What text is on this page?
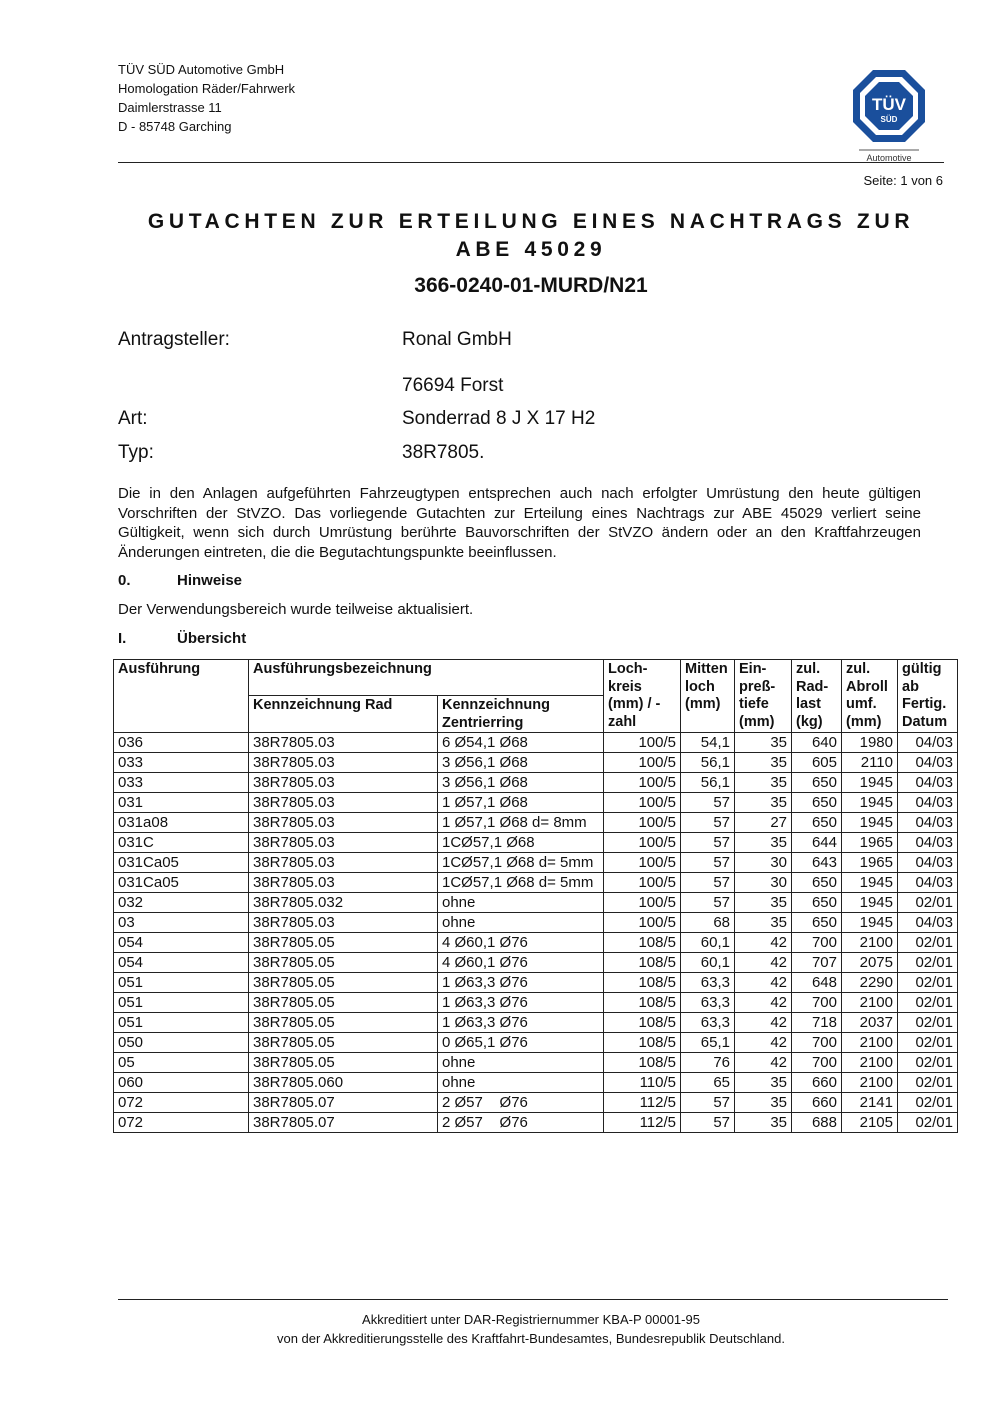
TÜV SÜD Automotive GmbH
Homologation Räder/Fahrwerk
Daimlerstrasse 11
D - 85748 Garching
TÜV
SÜD
Automotive
Seite: 1 von 6
GUTACHTEN ZUR ERTEILUNG EINES NACHTRAGS ZUR
ABE 45029
366-0240-01-MURD/N21
Antragsteller:	Ronal GmbH
76694 Forst
Art:	Sonderrad 8 J X 17 H2
Typ:	38R7805.
Die in den Anlagen aufgeführten Fahrzeugtypen entsprechen auch nach erfolgter Umrüstung den heute gültigen Vorschriften der StVZO. Das vorliegende Gutachten zur Erteilung eines Nachtrags zur ABE 45029 verliert seine Gültigkeit, wenn sich durch Umrüstung berührte Bauvorschriften der StVZO ändern oder an den Kraftfahrzeugen Änderungen eintreten, die die Begutachtungspunkte beeinflussen.
0.	Hinweise
Der Verwendungsbereich wurde teilweise aktualisiert.
I.	Übersicht
Ausführung	Ausführungsbezeichnung		Loch-kreis (mm) / -zahl	Mitten loch (mm)	Ein-preß-tiefe (mm)	zul. Rad-last (kg)	zul. Abroll umf. (mm)	gültig ab Fertig. Datum
	Kennzeichnung Rad	Kennzeichnung Zentrierring						
036	38R7805.03	6 Ø54,1 Ø68	100/5	54,1	35	640	1980	04/03
033	38R7805.03	3 Ø56,1 Ø68	100/5	56,1	35	605	2110	04/03
033	38R7805.03	3 Ø56,1 Ø68	100/5	56,1	35	650	1945	04/03
031	38R7805.03	1 Ø57,1 Ø68	100/5	57	35	650	1945	04/03
031a08	38R7805.03	1 Ø57,1 Ø68 d= 8mm	100/5	57	27	650	1945	04/03
031C	38R7805.03	1CØ57,1 Ø68	100/5	57	35	644	1965	04/03
031Ca05	38R7805.03	1CØ57,1 Ø68 d= 5mm	100/5	57	30	643	1965	04/03
031Ca05	38R7805.03	1CØ57,1 Ø68 d= 5mm	100/5	57	30	650	1945	04/03
032	38R7805.032	ohne	100/5	57	35	650	1945	02/01
03	38R7805.03	ohne	100/5	68	35	650	1945	04/03
054	38R7805.05	4 Ø60,1 Ø76	108/5	60,1	42	700	2100	02/01
054	38R7805.05	4 Ø60,1 Ø76	108/5	60,1	42	707	2075	02/01
051	38R7805.05	1 Ø63,3 Ø76	108/5	63,3	42	648	2290	02/01
051	38R7805.05	1 Ø63,3 Ø76	108/5	63,3	42	700	2100	02/01
051	38R7805.05	1 Ø63,3 Ø76	108/5	63,3	42	718	2037	02/01
050	38R7805.05	0 Ø65,1 Ø76	108/5	65,1	42	700	2100	02/01
05	38R7805.05	ohne	108/5	76	42	700	2100	02/01
060	38R7805.060	ohne	110/5	65	35	660	2100	02/01
072	38R7805.07	2 Ø57    Ø76	112/5	57	35	660	2141	02/01
072	38R7805.07	2 Ø57    Ø76	112/5	57	35	688	2105	02/01
Akkreditiert unter DAR-Registriernummer KBA-P 00001-95
von der Akkreditierungsstelle des Kraftfahrt-Bundesamtes, Bundesrepublik Deutschland.
